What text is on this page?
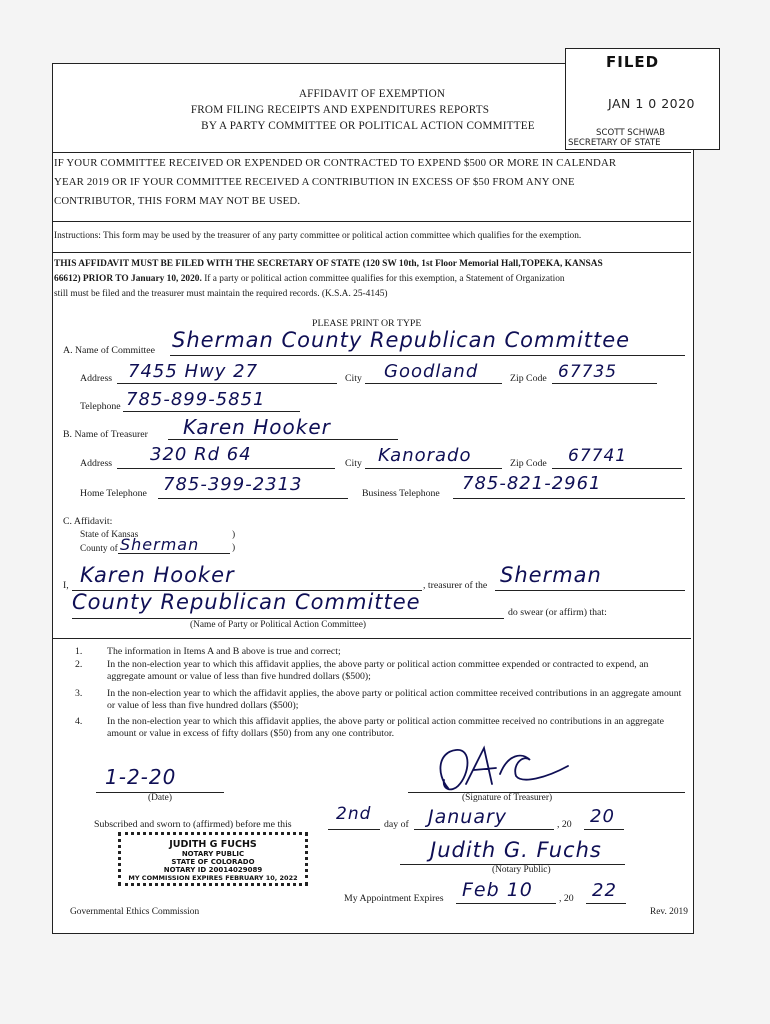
AFFIDAVIT OF EXEMPTION
FROM FILING RECEIPTS AND EXPENDITURES REPORTS
BY A PARTY COMMITTEE OR POLITICAL ACTION COMMITTEE
FILED
JAN 1 0 2020
SCOTT SCHWAB
SECRETARY OF STATE
IF YOUR COMMITTEE RECEIVED OR EXPENDED OR CONTRACTED TO EXPEND $500 OR MORE IN CALENDAR
YEAR 2019 OR IF YOUR COMMITTEE RECEIVED A CONTRIBUTION IN EXCESS OF $50 FROM ANY ONE
CONTRIBUTOR, THIS FORM MAY NOT BE USED.
Instructions: This form may be used by the treasurer of any party committee or political action committee which qualifies for the exemption.
THIS AFFIDAVIT MUST BE FILED WITH THE SECRETARY OF STATE (120 SW 10th, 1st Floor Memorial Hall,TOPEKA, KANSAS
66612) PRIOR TO January 10, 2020. If a party or political action committee qualifies for this exemption, a Statement of Organization
still must be filed and the treasurer must maintain the required records. (K.S.A. 25-4145)
PLEASE PRINT OR TYPE
A. Name of Committee Sherman County Republican Committee
Address 7455 Hwy 27	City Goodland	Zip Code 67735
Telephone 785-899-5851
B. Name of Treasurer Karen Hooker
Address 320 Rd 64	City Kanorado	Zip Code 67741
Home Telephone 785-399-2313	Business Telephone 785-821-2961
C. Affidavit:
State of Kansas	)
County of Sherman	)
I, Karen Hooker	, treasurer of the Sherman
County Republican Committee	do swear (or affirm) that:
(Name of Party or Political Action Committee)
1.	The information in Items A and B above is true and correct;
2.	In the non-election year to which this affidavit applies, the above party or political action committee expended or contracted to expend, an aggregate amount or value of less than five hundred dollars ($500);
3.	In the non-election year to which the affidavit applies, the above party or political action committee received contributions in an aggregate amount or value of less than five hundred dollars ($500);
4.	In the non-election year to which this affidavit applies, the above party or political action committee received no contributions in an aggregate amount or value in excess of fifty dollars ($50) from any one contributor.
1-2-20
(Date)	(Signature of Treasurer)
Subscribed and sworn to (affirmed) before me this
2nd
day of January	, 20 20
Judith G. Fuchs
(Notary Public)
JUDITH G FUCHS
NOTARY PUBLIC
STATE OF COLORADO
NOTARY ID 20014029089
MY COMMISSION EXPIRES FEBRUARY 10, 2022
My Appointment Expires Feb 10	, 20 22
Governmental Ethics Commission	Rev. 2019
